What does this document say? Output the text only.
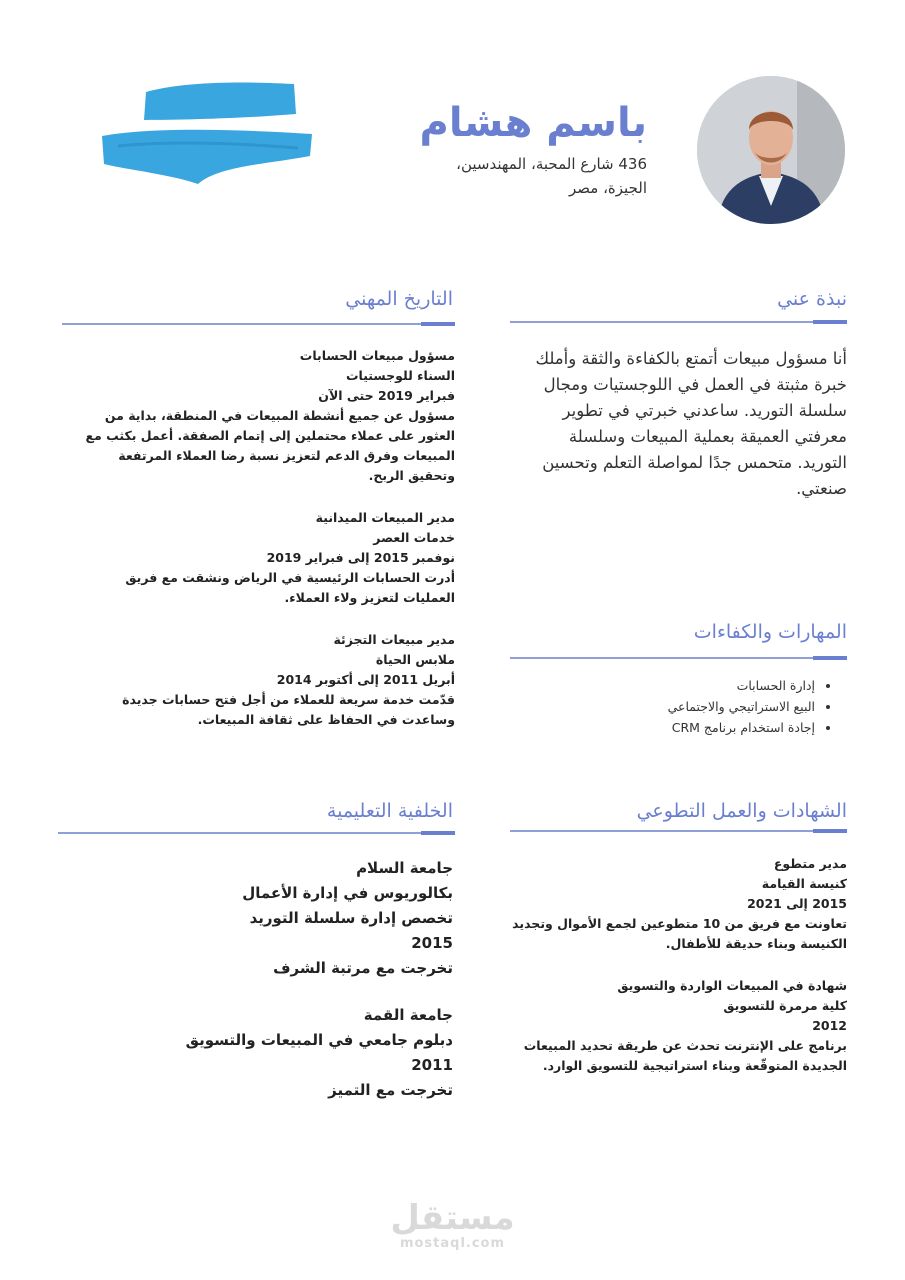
باسم هشام
436 شارع المحبة، المهندسين، الجيزة، مصر
نبذة عني
أنا مسؤول مبيعات أتمتع بالكفاءة والثقة وأملك خبرة مثبتة في العمل في اللوجستيات ومجال سلسلة التوريد. ساعدني خبرتي في تطوير معرفتي العميقة بعملية المبيعات وسلسلة التوريد. متحمس جدًا لمواصلة التعلم وتحسين صنعتي.
المهارات والكفاءات
• إدارة الحسابات
• البيع الاستراتيجي والاجتماعي
• إجادة استخدام برنامج CRM
الشهادات والعمل التطوعي

مدير متطوع

كنيسة القيامة

2015 إلى 2021

تعاونت مع فريق من 10 متطوعين لجمع الأموال وتجديد الكنيسة وبناء حديقة للأطفال.

شهادة في المبيعات الواردة والتسويق

كلية مرمرة للتسويق

2012

برنامج على الإنترنت تحدث عن طريقة تحديد المبيعات الجديدة المتوقّعة وبناء استراتيجية للتسويق الوارد.

التاريخ المهني

مسؤول مبيعات الحسابات

السناء للوجستيات

فبراير 2019 حتى الآن

مسؤول عن جميع أنشطة المبيعات في المنطقة، بداية من العثور على عملاء محتملين إلى إتمام الصفقة. أعمل بكثب مع المبيعات وفرق الدعم لتعزيز نسبة رضا العملاء المرتفعة وتحقيق الربح.

مدير المبيعات الميدانية

خدمات العصر

نوفمبر 2015 إلى فبراير 2019

أدرت الحسابات الرئيسية في الرياض ونشقت مع فريق العمليات لتعزيز ولاء العملاء.

مدير مبيعات التجزئة

ملابس الحياة

أبريل 2011 إلى أكتوبر 2014

قدّمت خدمة سريعة للعملاء من أجل فتح حسابات جديدة وساعدت في الحفاظ على ثقافة المبيعات.

الخلفية التعليمية

جامعة السلام

بكالوريوس في إدارة الأعمال

تخصص إدارة سلسلة التوريد

2015

تخرجت مع مرتبة الشرف

جامعة القمة

دبلوم جامعي في المبيعات والتسويق

2011

تخرجت مع التميز

مستقل
mostaql.com
